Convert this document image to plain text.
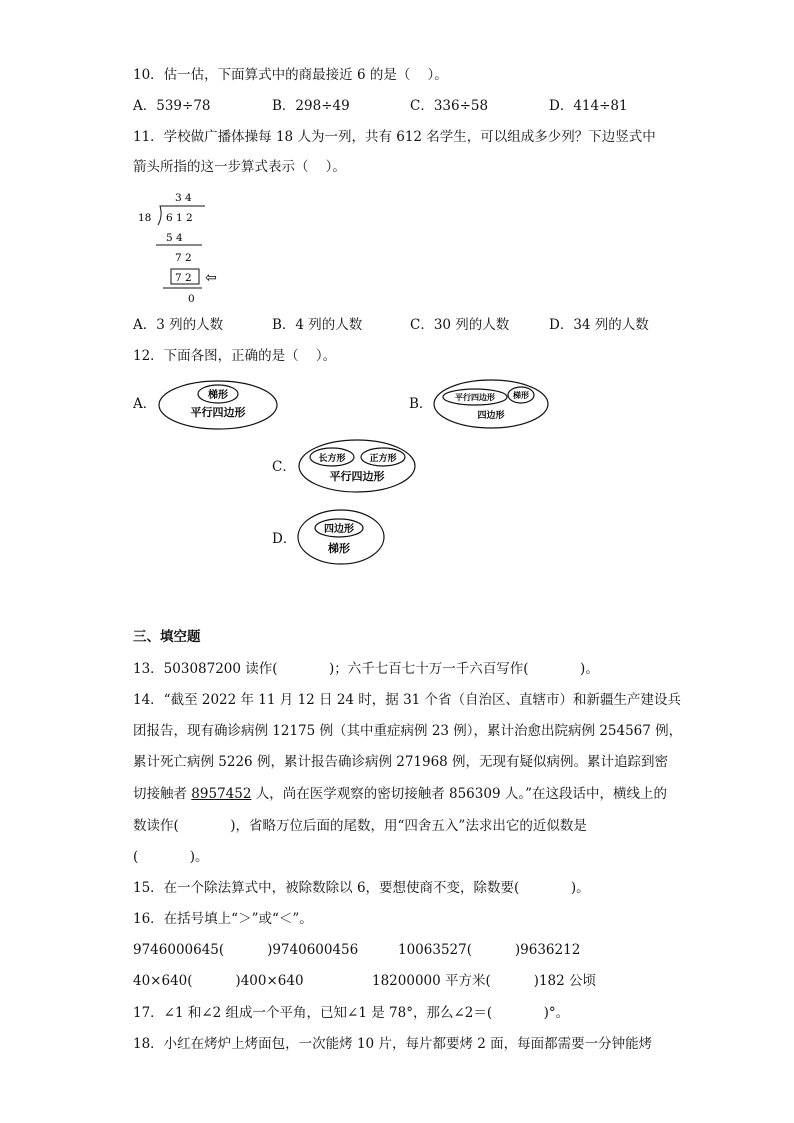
10．估一估，下面算式中的商最接近 6 的是（    ）。
A．539÷78	B．298÷49	C．336÷58	D．414÷81
11．学校做广播体操每 18 人为一列，共有 612 名学生，可以组成多少列？下边竖式中
箭头所指的这一步算式表示（    ）。
3 4
18 6 1 2
5 4
7 2
7 2 ⇦
0
A．3 列的人数	B．4 列的人数	C．30 列的人数	D．34 列的人数
12．下面各图，正确的是（    ）。
A．
梯形
平行四边形
B．	平行四边形 梯形
四边形
C．	长方形	正方形
平行四边形
D．
四边形
梯形
三、填空题
13．503087200 读作(            )；六千七百七十万一千六百写作(            )。
14．“截至 2022 年 11 月 12 日 24 时，据 31 个省（自治区、直辖市）和新疆生产建设兵
团报告，现有确诊病例 12175 例（其中重症病例 23 例），累计治愈出院病例 254567 例，
累计死亡病例 5226 例，累计报告确诊病例 271968 例，无现有疑似病例。累计追踪到密
切接触者 8957452 人，尚在医学观察的密切接触者 856309 人。”在这段话中，横线上的
数读作(            )，省略万位后面的尾数，用“四舍五入”法求出它的近似数是
(            )。
15．在一个除法算式中，被除数除以 6，要想使商不变，除数要(            )。
16．在括号填上“＞”或“＜”。
9746000645(          )9740600456	10063527(          )9636212
40×640(          )400×640	18200000 平方米(          )182 公顷
17．∠1 和∠2 组成一个平角，已知∠1 是 78°，那么∠2＝(            )°。
18．小红在烤炉上烤面包，一次能烤 10 片，每片都要烤 2 面，每面都需要一分钟能烤
